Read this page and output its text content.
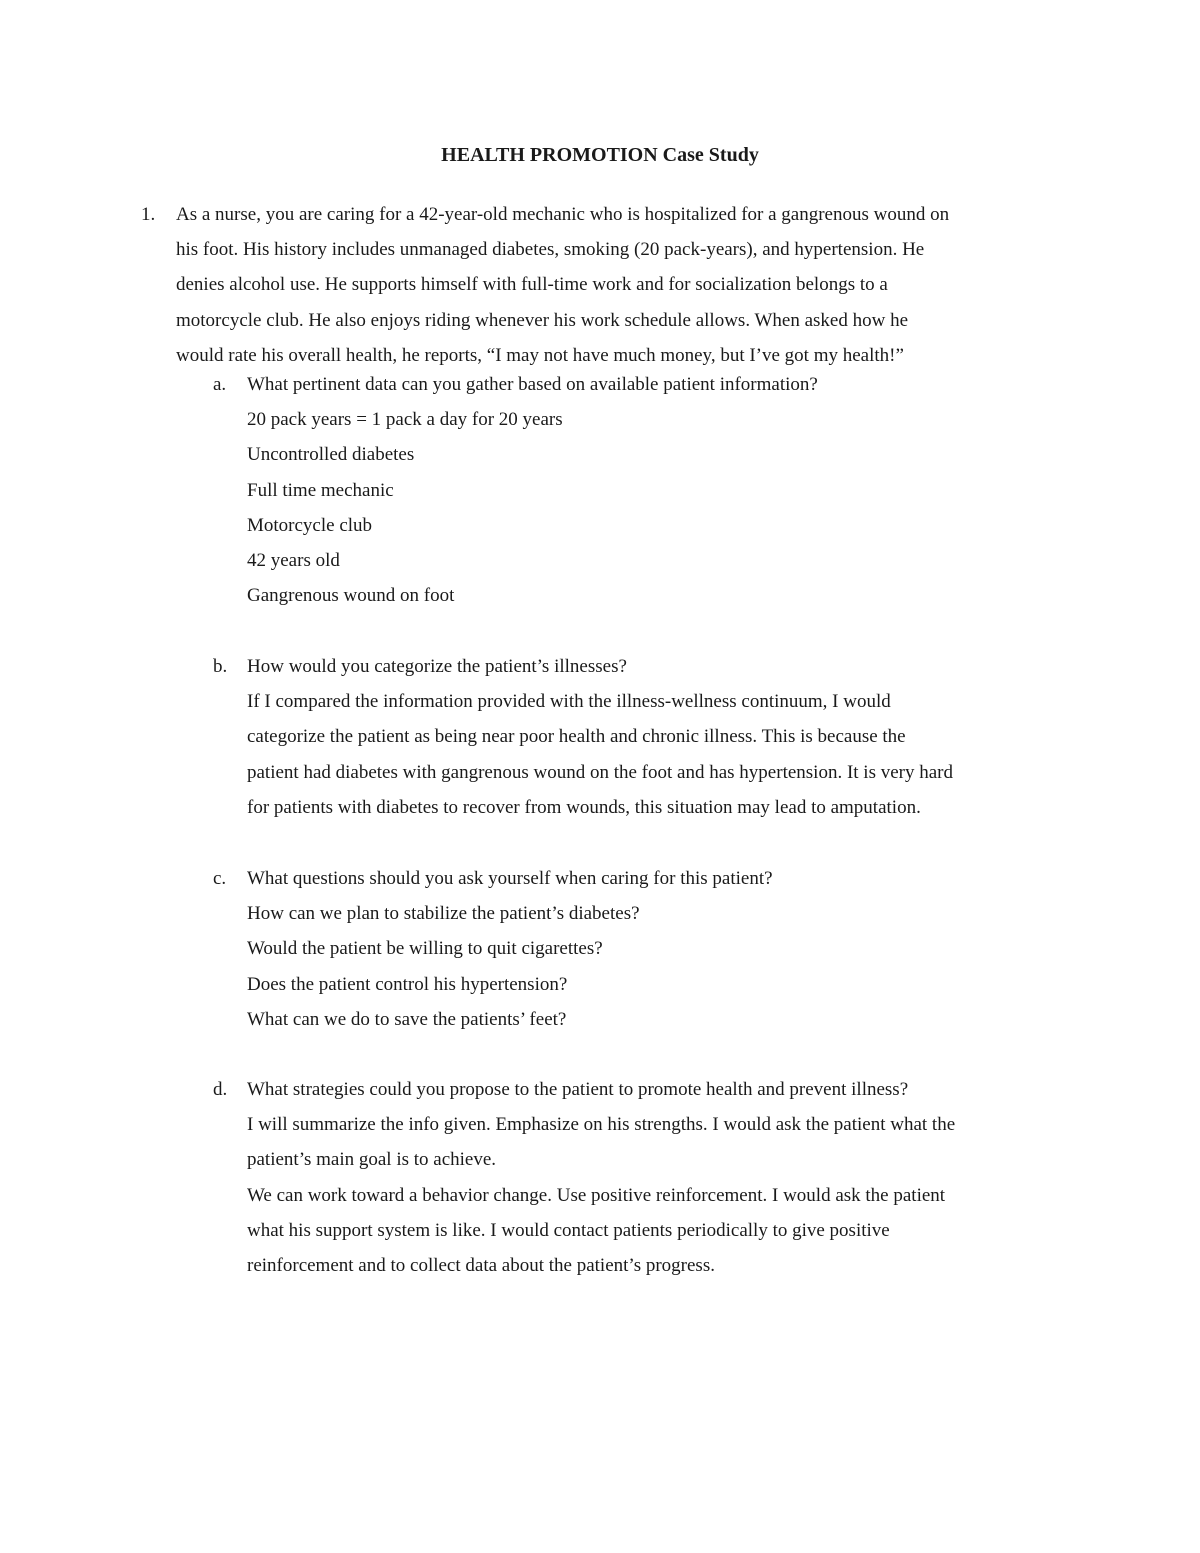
HEALTH PROMOTION Case Study
1. As a nurse, you are caring for a 42-year-old mechanic who is hospitalized for a gangrenous wound on
his foot. His history includes unmanaged diabetes, smoking (20 pack-years), and hypertension. He
denies alcohol use. He supports himself with full-time work and for socialization belongs to a
motorcycle club. He also enjoys riding whenever his work schedule allows. When asked how he
would rate his overall health, he reports, “I may not have much money, but I’ve got my health!”
a. What pertinent data can you gather based on available patient information?
20 pack years = 1 pack a day for 20 years
Uncontrolled diabetes
Full time mechanic
Motorcycle club
42 years old
Gangrenous wound on foot
b. How would you categorize the patient’s illnesses?
If I compared the information provided with the illness-wellness continuum, I would
categorize the patient as being near poor health and chronic illness. This is because the
patient had diabetes with gangrenous wound on the foot and has hypertension. It is very hard
for patients with diabetes to recover from wounds, this situation may lead to amputation.
c. What questions should you ask yourself when caring for this patient?
How can we plan to stabilize the patient’s diabetes?
Would the patient be willing to quit cigarettes?
Does the patient control his hypertension?
What can we do to save the patients’ feet?
d. What strategies could you propose to the patient to promote health and prevent illness?
I will summarize the info given. Emphasize on his strengths. I would ask the patient what the
patient’s main goal is to achieve.
We can work toward a behavior change. Use positive reinforcement. I would ask the patient
what his support system is like. I would contact patients periodically to give positive
reinforcement and to collect data about the patient’s progress.
